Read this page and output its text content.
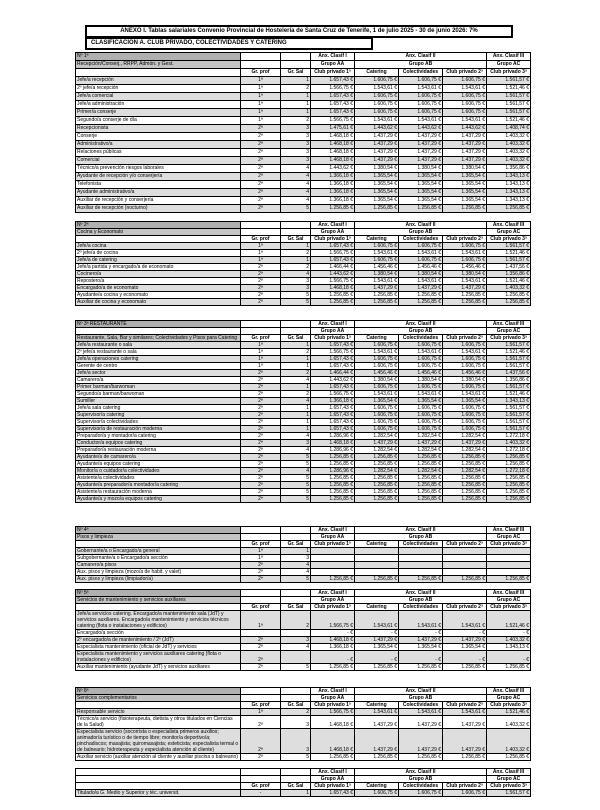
ANEXO I. Tablas salariales Convenio Provincial de Hostelería de Santa Cruz de Tenerife, 1 de julio 2025 - 30 de junio 2026: 7%
CLASIFICACIÓN A. CLUB PRIVADO, COLECTIVIDADES Y CATERING
Nº 1ª			Anx. Clasif I	Anx. Clasif II			Anx. Clasif III
Recepción/Conserj., RRPP, Admón. y Gest.			Grupo AA	Grupo AB			Grupo AC
	Gr. prof	Gr. Sal	Club privado 1ª	Catering	Colectividades	Club privado 2ª	Club privado 3ª
Jefe/a recepción	1ª	1	1.657,43 €	1.606,75 €	1.606,75 €	1.606,75 €	1.561,57 €
2º jefe/a recepción	1ª	2	1.566,75 €	1.543,61 €	1.543,61 €	1.543,61 €	1.521,46 €
Jefe/a comercial	1ª	1	1.657,43 €	1.606,75 €	1.606,75 €	1.606,75 €	1.561,57 €
Jefe/a administración	1ª	1	1.657,43 €	1.606,75 €	1.606,75 €	1.606,75 €	1.561,57 €
Primer/a conserje	1ª	1	1.657,43 €	1.606,75 €	1.606,75 €	1.606,75 €	1.561,57 €
Segundo/a conserje de día	1ª	2	1.566,75 €	1.543,61 €	1.543,61 €	1.543,61 €	1.521,46 €
Recepcionista	2ª	3	1.475,61 €	1.443,62 €	1.443,62 €	1.443,62 €	1.408,74 €
Conserje	2ª	3	1.468,18 €	1.437,29 €	1.437,29 €	1.437,29 €	1.403,32 €
Administrativo/a	2ª	3	1.468,18 €	1.437,29 €	1.437,29 €	1.437,29 €	1.403,32 €
Relaciones públicas	2ª	3	1.468,18 €	1.437,29 €	1.437,29 €	1.437,29 €	1.403,32 €
Comercial	2ª	3	1.468,18 €	1.437,29 €	1.437,29 €	1.437,29 €	1.403,32 €
Técnico/a prevención riesgos laborales	2ª	4	1.443,62 €	1.380,54 €	1.380,54 €	1.380,54 €	1.356,86 €
Ayudante de recepción y/o conserjería	2ª	4	1.366,18 €	1.365,54 €	1.365,54 €	1.365,54 €	1.343,13 €
Telefonista	2ª	4	1.366,18 €	1.365,54 €	1.365,54 €	1.365,54 €	1.343,13 €
Ayudante administrativo/a	2ª	4	1.366,18 €	1.365,54 €	1.365,54 €	1.365,54 €	1.343,13 €
Auxiliar de recepción y conserjería	2ª	4	1.366,18 €	1.365,54 €	1.365,54 €	1.365,54 €	1.343,13 €
Auxiliar de recepción (nocturno)	2ª	5	1.256,85 €	1.256,85 €	1.256,85 €	1.256,85 €	1.256,85 €
Nº 2ª			Anx. Clasif I	Anx. Clasif II			Anx. Clasif III
Cocina y Economato			Grupo AA	Grupo AB			Grupo AC
	Gr. prof	Gr. Sal	Club privado 1ª	Catering	Colectividades	Club privado 2ª	Club privado 3ª
Jefe/a cocina	1ª	1	1.657,43 €	1.606,75 €	1.606,75 €	1.606,75 €	1.561,57 €
2º jefe/a de cocina	1ª	2	1.566,75 €	1.543,61 €	1.543,61 €	1.543,61 €	1.521,46 €
Jefe/a de catering	1ª	1	1.657,43 €	1.606,75 €	1.606,75 €	1.606,75 €	1.561,57 €
Jefe/a partida y encargado/a de economato	2ª	2	1.466,44 €	1.456,46 €	1.456,46 €	1.456,46 €	1.437,56 €
Cocinero/a	2ª	4	1.443,62 €	1.380,54 €	1.380,54 €	1.380,54 €	1.356,86 €
Repostero/a	2ª	3	1.566,75 €	1.543,61 €	1.543,61 €	1.543,61 €	1.521,46 €
Encargado/a de economato	2ª	3	1.468,18 €	1.437,29 €	1.437,29 €	1.437,29 €	1.403,32 €
Ayudante/a cocina y economato	2ª	5	1.256,85 €	1.256,85 €	1.256,85 €	1.256,85 €	1.256,85 €
Auxiliar de cocina y economato	2ª	5	1.256,85 €	1.256,85 €	1.256,85 €	1.256,85 €	1.256,85 €
Nº 3ª RESTAURANTE			Anx. Clasif I	Anx. Clasif II			Anx. Clasif III
			Grupo AA	Grupo AB			Grupo AC
Restaurante, Sala, Bar y similares; Colectividades y Pisos para Catering	Gr. prof	Gr. Sal	Club privado 1ª	Catering	Colectividades	Club privado 2ª	Club privado 3ª
Jefe/a restaurante o sala	1ª	1	1.657,43 €	1.606,75 €	1.606,75 €	1.606,75 €	1.561,57 €
2º jefe/a restaurante o sala	1ª	2	1.566,75 €	1.543,61 €	1.543,61 €	1.543,61 €	1.521,46 €
Jefe/a operaciones catering	1ª	1	1.657,43 €	1.606,75 €	1.606,75 €	1.606,75 €	1.561,57 €
Gerente de centro	1ª	1	1.657,43 €	1.606,75 €	1.606,75 €	1.606,75 €	1.561,57 €
Jefe/a sector	2ª	2	1.466,44 €	1.456,46 €	1.456,46 €	1.456,46 €	1.437,56 €
Camarero/a	2ª	4	1.443,62 €	1.380,54 €	1.380,54 €	1.380,54 €	1.356,86 €
Primer barman/barwoman	2ª	1	1.657,43 €	1.606,75 €	1.606,75 €	1.606,75 €	1.561,57 €
Segundo/a barman/barwoman	2ª	2	1.566,75 €	1.543,61 €	1.543,61 €	1.543,61 €	1.521,46 €
Sumiller	2ª	4	1.366,18 €	1.365,54 €	1.365,54 €	1.365,54 €	1.343,13 €
Jefe/a sala catering	2ª	1	1.657,43 €	1.606,75 €	1.606,75 €	1.606,75 €	1.561,57 €
Supervisor/a catering	2ª	1	1.657,43 €	1.606,75 €	1.606,75 €	1.606,75 €	1.561,57 €
Supervisor/a colectividades	2ª	1	1.657,43 €	1.606,75 €	1.606,75 €	1.606,75 €	1.561,57 €
Supervisor/a de restauración moderna	2ª	1	1.657,43 €	1.606,75 €	1.606,75 €	1.606,75 €	1.561,57 €
Preparador/a y montador/a catering	2ª	4	1.286,96 €	1.282,54 €	1.282,54 €	1.282,54 €	1.272,18 €
Conductor/a equipos catering	2ª	3	1.468,18 €	1.437,29 €	1.437,29 €	1.437,29 €	1.403,32 €
Preparador/a restauración moderna	2ª	4	1.286,96 €	1.282,54 €	1.282,54 €	1.282,54 €	1.272,18 €
Ayudante/a de camarero/a	2ª	5	1.256,85 €	1.256,85 €	1.256,85 €	1.256,85 €	1.256,85 €
Ayudante/a equipos catering	2ª	5	1.256,85 €	1.256,85 €	1.256,85 €	1.256,85 €	1.256,85 €
Monitor/a o cuidador/a colectividades	2ª	4	1.286,96 €	1.282,54 €	1.282,54 €	1.282,54 €	1.272,18 €
Asistente/a colectividades	2ª	5	1.256,85 €	1.256,85 €	1.256,85 €	1.256,85 €	1.256,85 €
Ayudante/a preparador/a montador/a catering	2ª	5	1.256,85 €	1.256,85 €	1.256,85 €	1.256,85 €	1.256,85 €
Asistente/a restauración moderna	2ª	5	1.256,85 €	1.256,85 €	1.256,85 €	1.256,85 €	1.256,85 €
Ayudante/a y mozo/a equipos catering	2ª	5	1.256,85 €	1.256,85 €	1.256,85 €	1.256,85 €	1.256,85 €
Nº 4ª			Anx. Clasif I	Anx. Clasif II			Anx. Clasif III
Pisos y limpieza			Grupo AA	Grupo AB			Grupo AC
	Gr. prof	Gr. Sal	Club privado 1ª	Catering	Colectividades	Club privado 2ª	Club privado 3ª
Gobernante/a o Encargado/a general	1ª	1					
Subgobernante/a o Encargado/a sección	1ª	3					
Camarero/a pisos	2ª	4					
Aux. pisos y limpieza (mozo/a de habit. y valet)	2ª	4					
Aux. pisos y limpieza (limpiador/a)	2ª	5	1.256,85 €	1.256,85 €	1.256,85 €	1.256,85 €	1.256,85 €
Nº 5ª			Anx. Clasif I	Anx. Clasif II			Anx. Clasif III
Servicios de mantenimiento y servicios auxiliares			Grupo AA	Grupo AB			Grupo AC
	Gr. prof	Gr. Sal	Club privado 1ª	Catering	Colectividades	Club privado 2ª	Club privado 3ª
Jefe/a servicios catering. Encargado/a mantenimiento sala (JdT) y servicios auxiliares. Encargado/a mantenimiento y servicios técnicos catering (flota o instalaciones y edificios)	1ª	2	1.566,75 €	1.543,61 €	1.543,61 €	1.543,61 €	1.521,46 €
Encargado/a sección			- €	- €	- €	- €	- €
2º encargado/a de mantenimiento / 2º (JdT)	2ª	3	1.468,18 €	1.437,29 €	1.437,29 €	1.437,29 €	1.403,32 €
Especialista mantenimiento (oficial de JdT) y servicios	2ª	4	1.366,18 €	1.365,54 €	1.365,54 €	1.365,54 €	1.343,13 €
Especialista mantenimiento y servicios auxiliares catering (flota o instalaciones y edificios)	2ª		- €	- €	- €	- €	- €
Auxiliar mantenimiento (ayudante JdT) y servicios auxiliares	2ª	5	1.256,85 €	1.256,85 €	1.256,85 €	1.256,85 €	1.256,85 €
Nº 6ª			Anx. Clasif I	Anx. Clasif II			Anx. Clasif III
Servicios complementarios			Grupo AA	Grupo AB			Grupo AC
	Gr. prof	Gr. Sal	Club privado 1ª	Catering	Colectividades	Club privado 2ª	Club privado 3ª
Responsable servicio	1ª	2	1.566,75 €	1.543,61 €	1.543,61 €	1.543,61 €	1.521,46 €
Técnico/a servicio (fisioterapeuta, dietista y otros titulados en Ciencias de la Salud)	2ª	3	1.468,18 €	1.437,29 €	1.437,29 €	1.437,29 €	1.403,32 €
Especialista servicio (socorrista o especialista primeros auxilios; animador/a turístico o de tiempo libre; monitor/a deportivo/a; pinchadiscos; masajista; quiromasajista; esteticista; especialista termal o de balneario; hidroterapeuta y especialista atención al cliente)	2ª	3	1.468,18 €	1.437,29 €	1.437,29 €	1.437,29 €	1.403,32 €
Auxiliar servicio (auxiliar atención al cliente y auxiliar piscina o balneario)	2ª	5	1.256,85 €	1.256,85 €	1.256,85 €	1.256,85 €	1.256,85 €
			Anx. Clasif I	Anx. Clasif II			Anx. Clasif III
			Grupo AA	Grupo AB			Grupo AC
	Gr. prof	Gr. Sal	Club privado 1ª	Catering	Colectividades	Club privado 2ª	Club privado 3ª
Titulado/a G. Medio y Superior y téc. universit.	-	1	1.657,43 €	1.606,75 €	1.606,75 €	1.606,75 €	1.561,57 €
